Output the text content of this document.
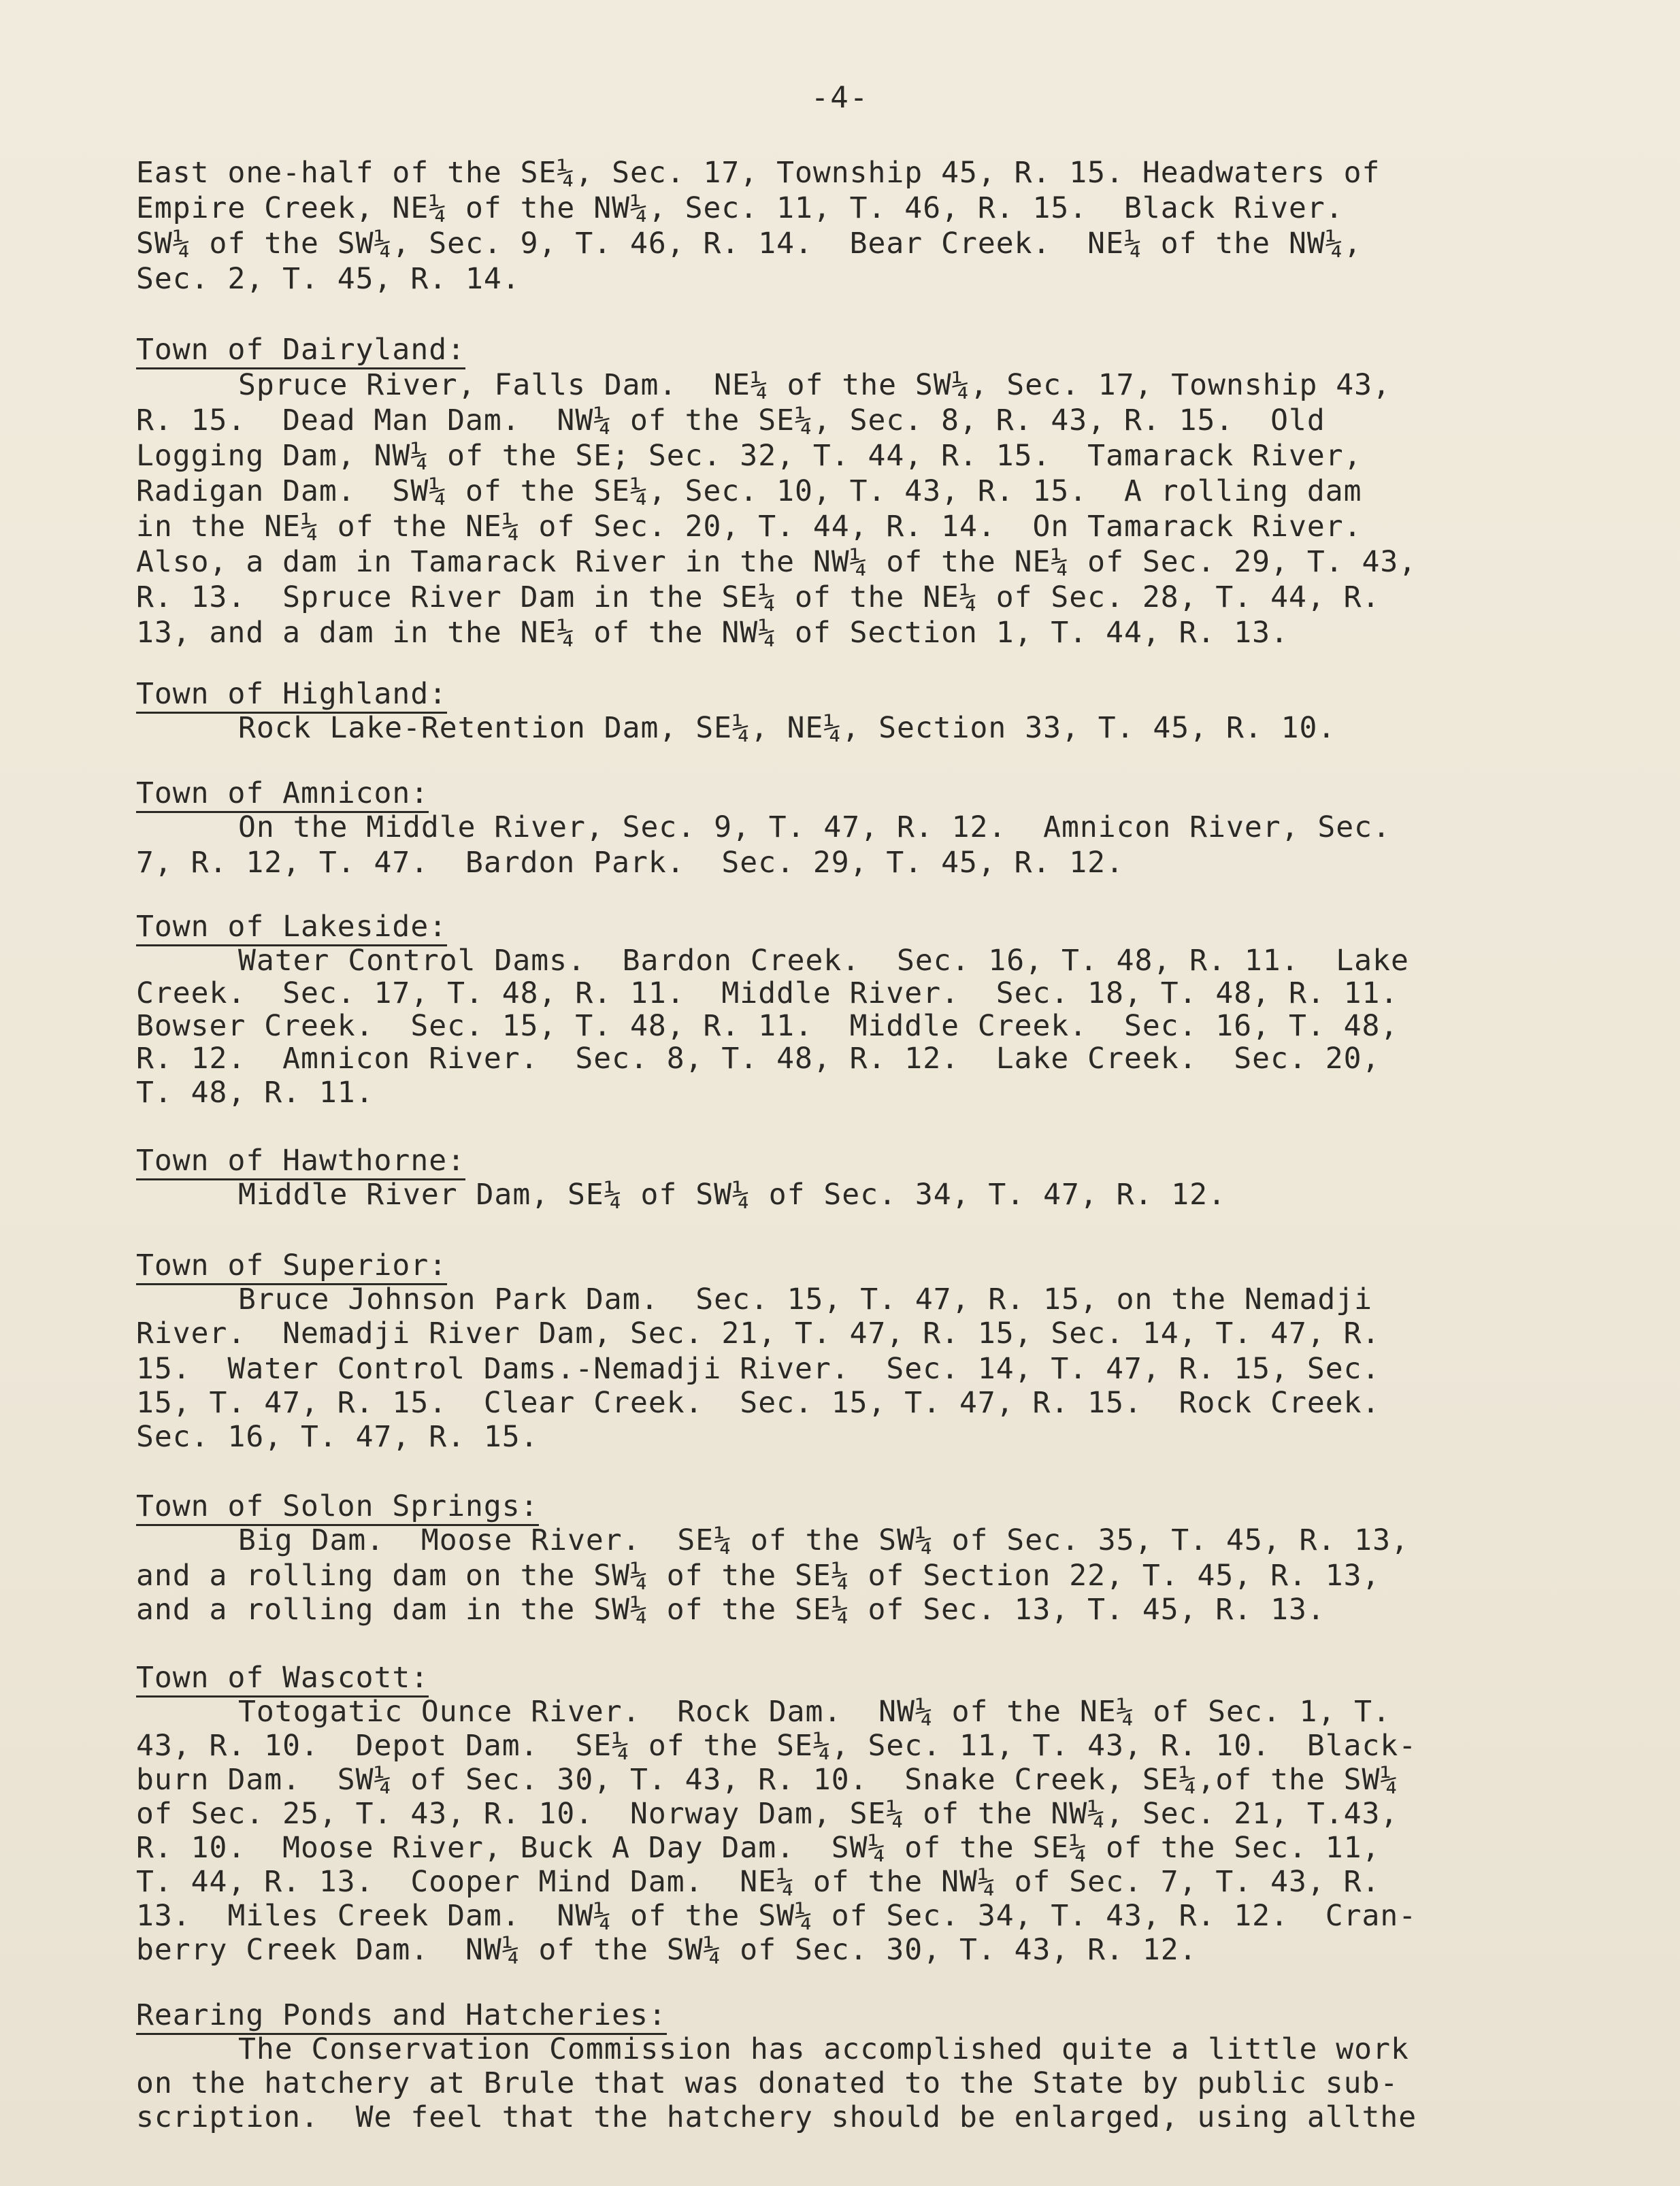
-4-
East one-half of the SE¼, Sec. 17, Township 45, R. 15. Headwaters of
Empire Creek, NE¼ of the NW¼, Sec. 11, T. 46, R. 15.  Black River.
SW¼ of the SW¼, Sec. 9, T. 46, R. 14.  Bear Creek.  NE¼ of the NW¼,
Sec. 2, T. 45, R. 14.
Town of Dairyland:
Spruce River, Falls Dam.  NE¼ of the SW¼, Sec. 17, Township 43,
R. 15.  Dead Man Dam.  NW¼ of the SE¼, Sec. 8, R. 43, R. 15.  Old
Logging Dam, NW¼ of the SE; Sec. 32, T. 44, R. 15.  Tamarack River,
Radigan Dam.  SW¼ of the SE¼, Sec. 10, T. 43, R. 15.  A rolling dam
in the NE¼ of the NE¼ of Sec. 20, T. 44, R. 14.  On Tamarack River.
Also, a dam in Tamarack River in the NW¼ of the NE¼ of Sec. 29, T. 43,
R. 13.  Spruce River Dam in the SE¼ of the NE¼ of Sec. 28, T. 44, R.
13, and a dam in the NE¼ of the NW¼ of Section 1, T. 44, R. 13.
Town of Highland:
Rock Lake-Retention Dam, SE¼, NE¼, Section 33, T. 45, R. 10.
Town of Amnicon:
On the Middle River, Sec. 9, T. 47, R. 12.  Amnicon River, Sec.
7, R. 12, T. 47.  Bardon Park.  Sec. 29, T. 45, R. 12.
Town of Lakeside:
Water Control Dams.  Bardon Creek.  Sec. 16, T. 48, R. 11.  Lake
Creek.  Sec. 17, T. 48, R. 11.  Middle River.  Sec. 18, T. 48, R. 11.
Bowser Creek.  Sec. 15, T. 48, R. 11.  Middle Creek.  Sec. 16, T. 48,
R. 12.  Amnicon River.  Sec. 8, T. 48, R. 12.  Lake Creek.  Sec. 20,
T. 48, R. 11.
Town of Hawthorne:
Middle River Dam, SE¼ of SW¼ of Sec. 34, T. 47, R. 12.
Town of Superior:
Bruce Johnson Park Dam.  Sec. 15, T. 47, R. 15, on the Nemadji
River.  Nemadji River Dam, Sec. 21, T. 47, R. 15, Sec. 14, T. 47, R.
15.  Water Control Dams.-Nemadji River.  Sec. 14, T. 47, R. 15, Sec.
15, T. 47, R. 15.  Clear Creek.  Sec. 15, T. 47, R. 15.  Rock Creek.
Sec. 16, T. 47, R. 15.
Town of Solon Springs:
Big Dam.  Moose River.  SE¼ of the SW¼ of Sec. 35, T. 45, R. 13,
and a rolling dam on the SW¼ of the SE¼ of Section 22, T. 45, R. 13,
and a rolling dam in the SW¼ of the SE¼ of Sec. 13, T. 45, R. 13.
Town of Wascott:
Totogatic Ounce River.  Rock Dam.  NW¼ of the NE¼ of Sec. 1, T.
43, R. 10.  Depot Dam.  SE¼ of the SE¼, Sec. 11, T. 43, R. 10.  Black-
burn Dam.  SW¼ of Sec. 30, T. 43, R. 10.  Snake Creek, SE¼,of the SW¼
of Sec. 25, T. 43, R. 10.  Norway Dam, SE¼ of the NW¼, Sec. 21, T.43,
R. 10.  Moose River, Buck A Day Dam.  SW¼ of the SE¼ of the Sec. 11,
T. 44, R. 13.  Cooper Mind Dam.  NE¼ of the NW¼ of Sec. 7, T. 43, R.
13.  Miles Creek Dam.  NW¼ of the SW¼ of Sec. 34, T. 43, R. 12.  Cran-
berry Creek Dam.  NW¼ of the SW¼ of Sec. 30, T. 43, R. 12.
Rearing Ponds and Hatcheries:
The Conservation Commission has accomplished quite a little work
on the hatchery at Brule that was donated to the State by public sub-
scription.  We feel that the hatchery should be enlarged, using allthe
